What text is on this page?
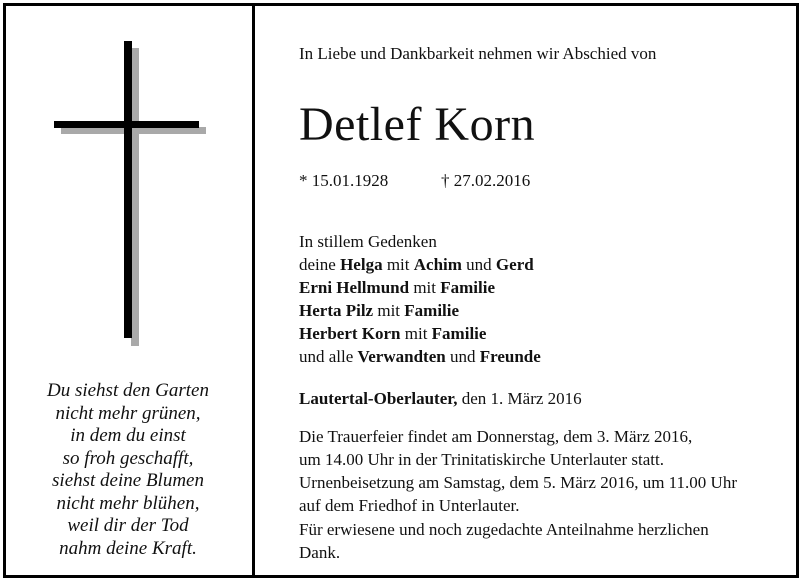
Du siehst den Garten
nicht mehr grünen,
in dem du einst
so froh geschafft,
siehst deine Blumen
nicht mehr blühen,
weil dir der Tod
nahm deine Kraft.
In Liebe und Dankbarkeit nehmen wir Abschied von
Detlef Korn
* 15.01.1928	† 27.02.2016
In stillem Gedenken
deine Helga mit Achim und Gerd
Erni Hellmund mit Familie
Herta Pilz mit Familie
Herbert Korn mit Familie
und alle Verwandten und Freunde
Lautertal-Oberlauter, den 1. März 2016
Die Trauerfeier findet am Donnerstag, dem 3. März 2016,
um 14.00 Uhr in der Trinitatiskirche Unterlauter statt.
Urnenbeisetzung am Samstag, dem 5. März 2016, um 11.00 Uhr
auf dem Friedhof in Unterlauter.
Für erwiesene und noch zugedachte Anteilnahme herzlichen
Dank.
